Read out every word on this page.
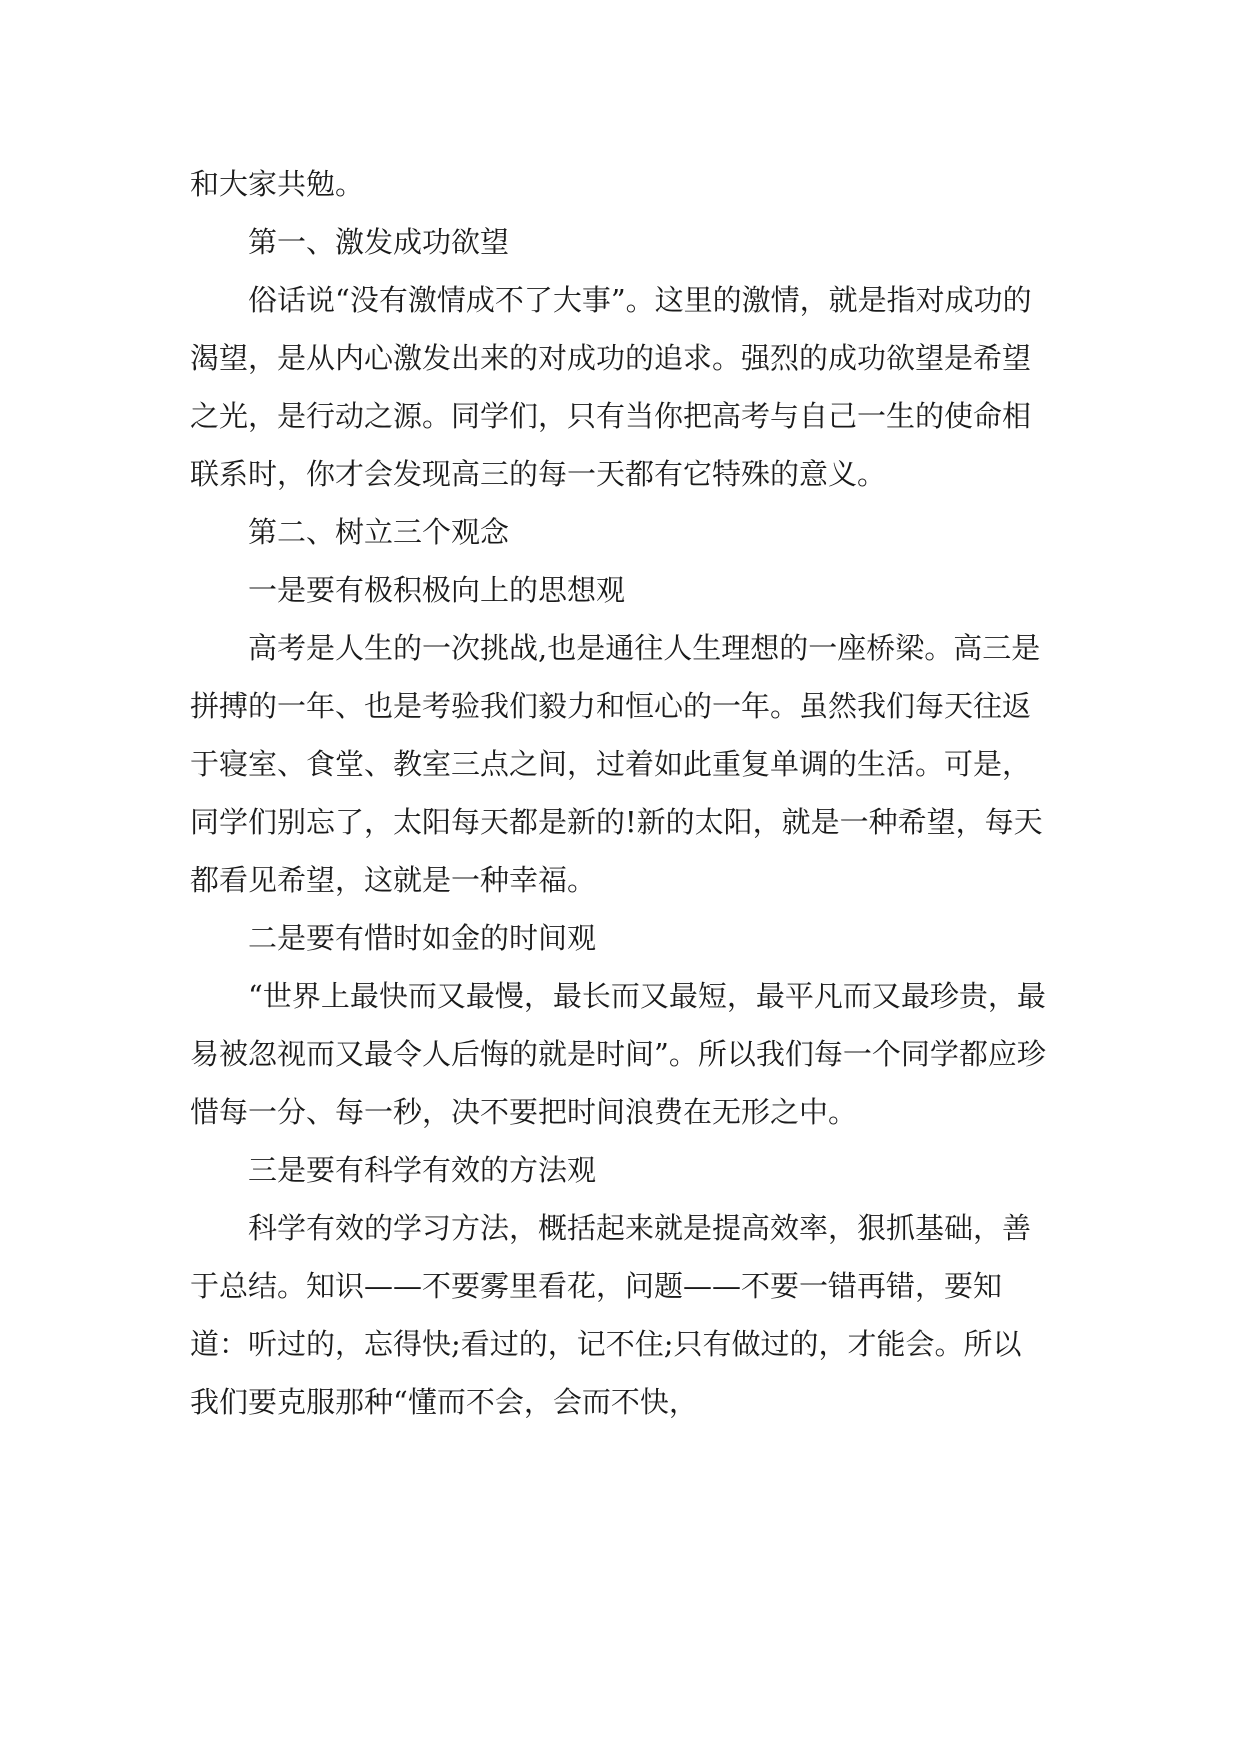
和大家共勉。

第一、激发成功欲望

俗话说“没有激情成不了大事”。这里的激情，就是指对成功的渴望，是从内心激发出来的对成功的追求。强烈的成功欲望是希望之光，是行动之源。同学们，只有当你把高考与自己一生的使命相联系时，你才会发现高三的每一天都有它特殊的意义。

第二、树立三个观念

一是要有极积极向上的思想观

高考是人生的一次挑战,也是通往人生理想的一座桥梁。高三是拼搏的一年、也是考验我们毅力和恒心的一年。虽然我们每天往返于寝室、食堂、教室三点之间，过着如此重复单调的生活。可是，同学们别忘了，太阳每天都是新的!新的太阳，就是一种希望，每天都看见希望，这就是一种幸福。

二是要有惜时如金的时间观

“世界上最快而又最慢，最长而又最短，最平凡而又最珍贵，最易被忽视而又最令人后悔的就是时间”。所以我们每一个同学都应珍惜每一分、每一秒，决不要把时间浪费在无形之中。

三是要有科学有效的方法观

科学有效的学习方法，概括起来就是提高效率，狠抓基础，善于总结。知识——不要雾里看花，问题——不要一错再错，要知道：听过的，忘得快;看过的，记不住;只有做过的，才能会。所以我们要克服那种“懂而不会，会而不快，
